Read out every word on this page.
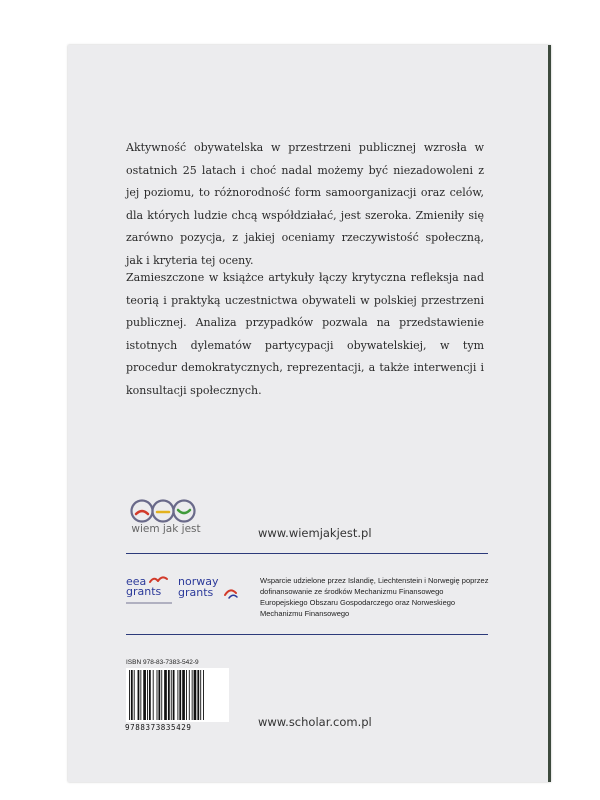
Aktywność obywatelska w przestrzeni publicznej wzrosła w ostatnich 25 latach i choć nadal możemy być niezadowoleni z jej poziomu, to różnorodność form samoorganizacji oraz celów, dla których ludzie chcą współdziałać, jest szeroka. Zmieniły się zarówno pozycja, z jakiej oceniamy rzeczywistość społeczną, jak i kryteria tej oceny.

Zamieszczone w książce artykuły łączy krytyczna refleksja nad teorią i praktyką uczestnictwa obywateli w polskiej przestrzeni publicznej. Analiza przypadków pozwala na przedstawienie istotnych dylematów partycypacji obywatelskiej, w tym procedur demokratycznych, reprezentacji, a także interwencji i konsultacji społecznych.

wiem jak jest	www.wiemjakjest.pl
eea
grants
norway
grants

Wsparcie udzielone przez Islandię, Liechtenstein i Norwegię poprzez dofinansowanie ze środków Mechanizmu Finansowego Europejskiego Obszaru Gospodarczego oraz Norweskiego Mechanizmu Finansowego

ISBN 978-83-7383-542-9
9788373835429	www.scholar.com.pl
